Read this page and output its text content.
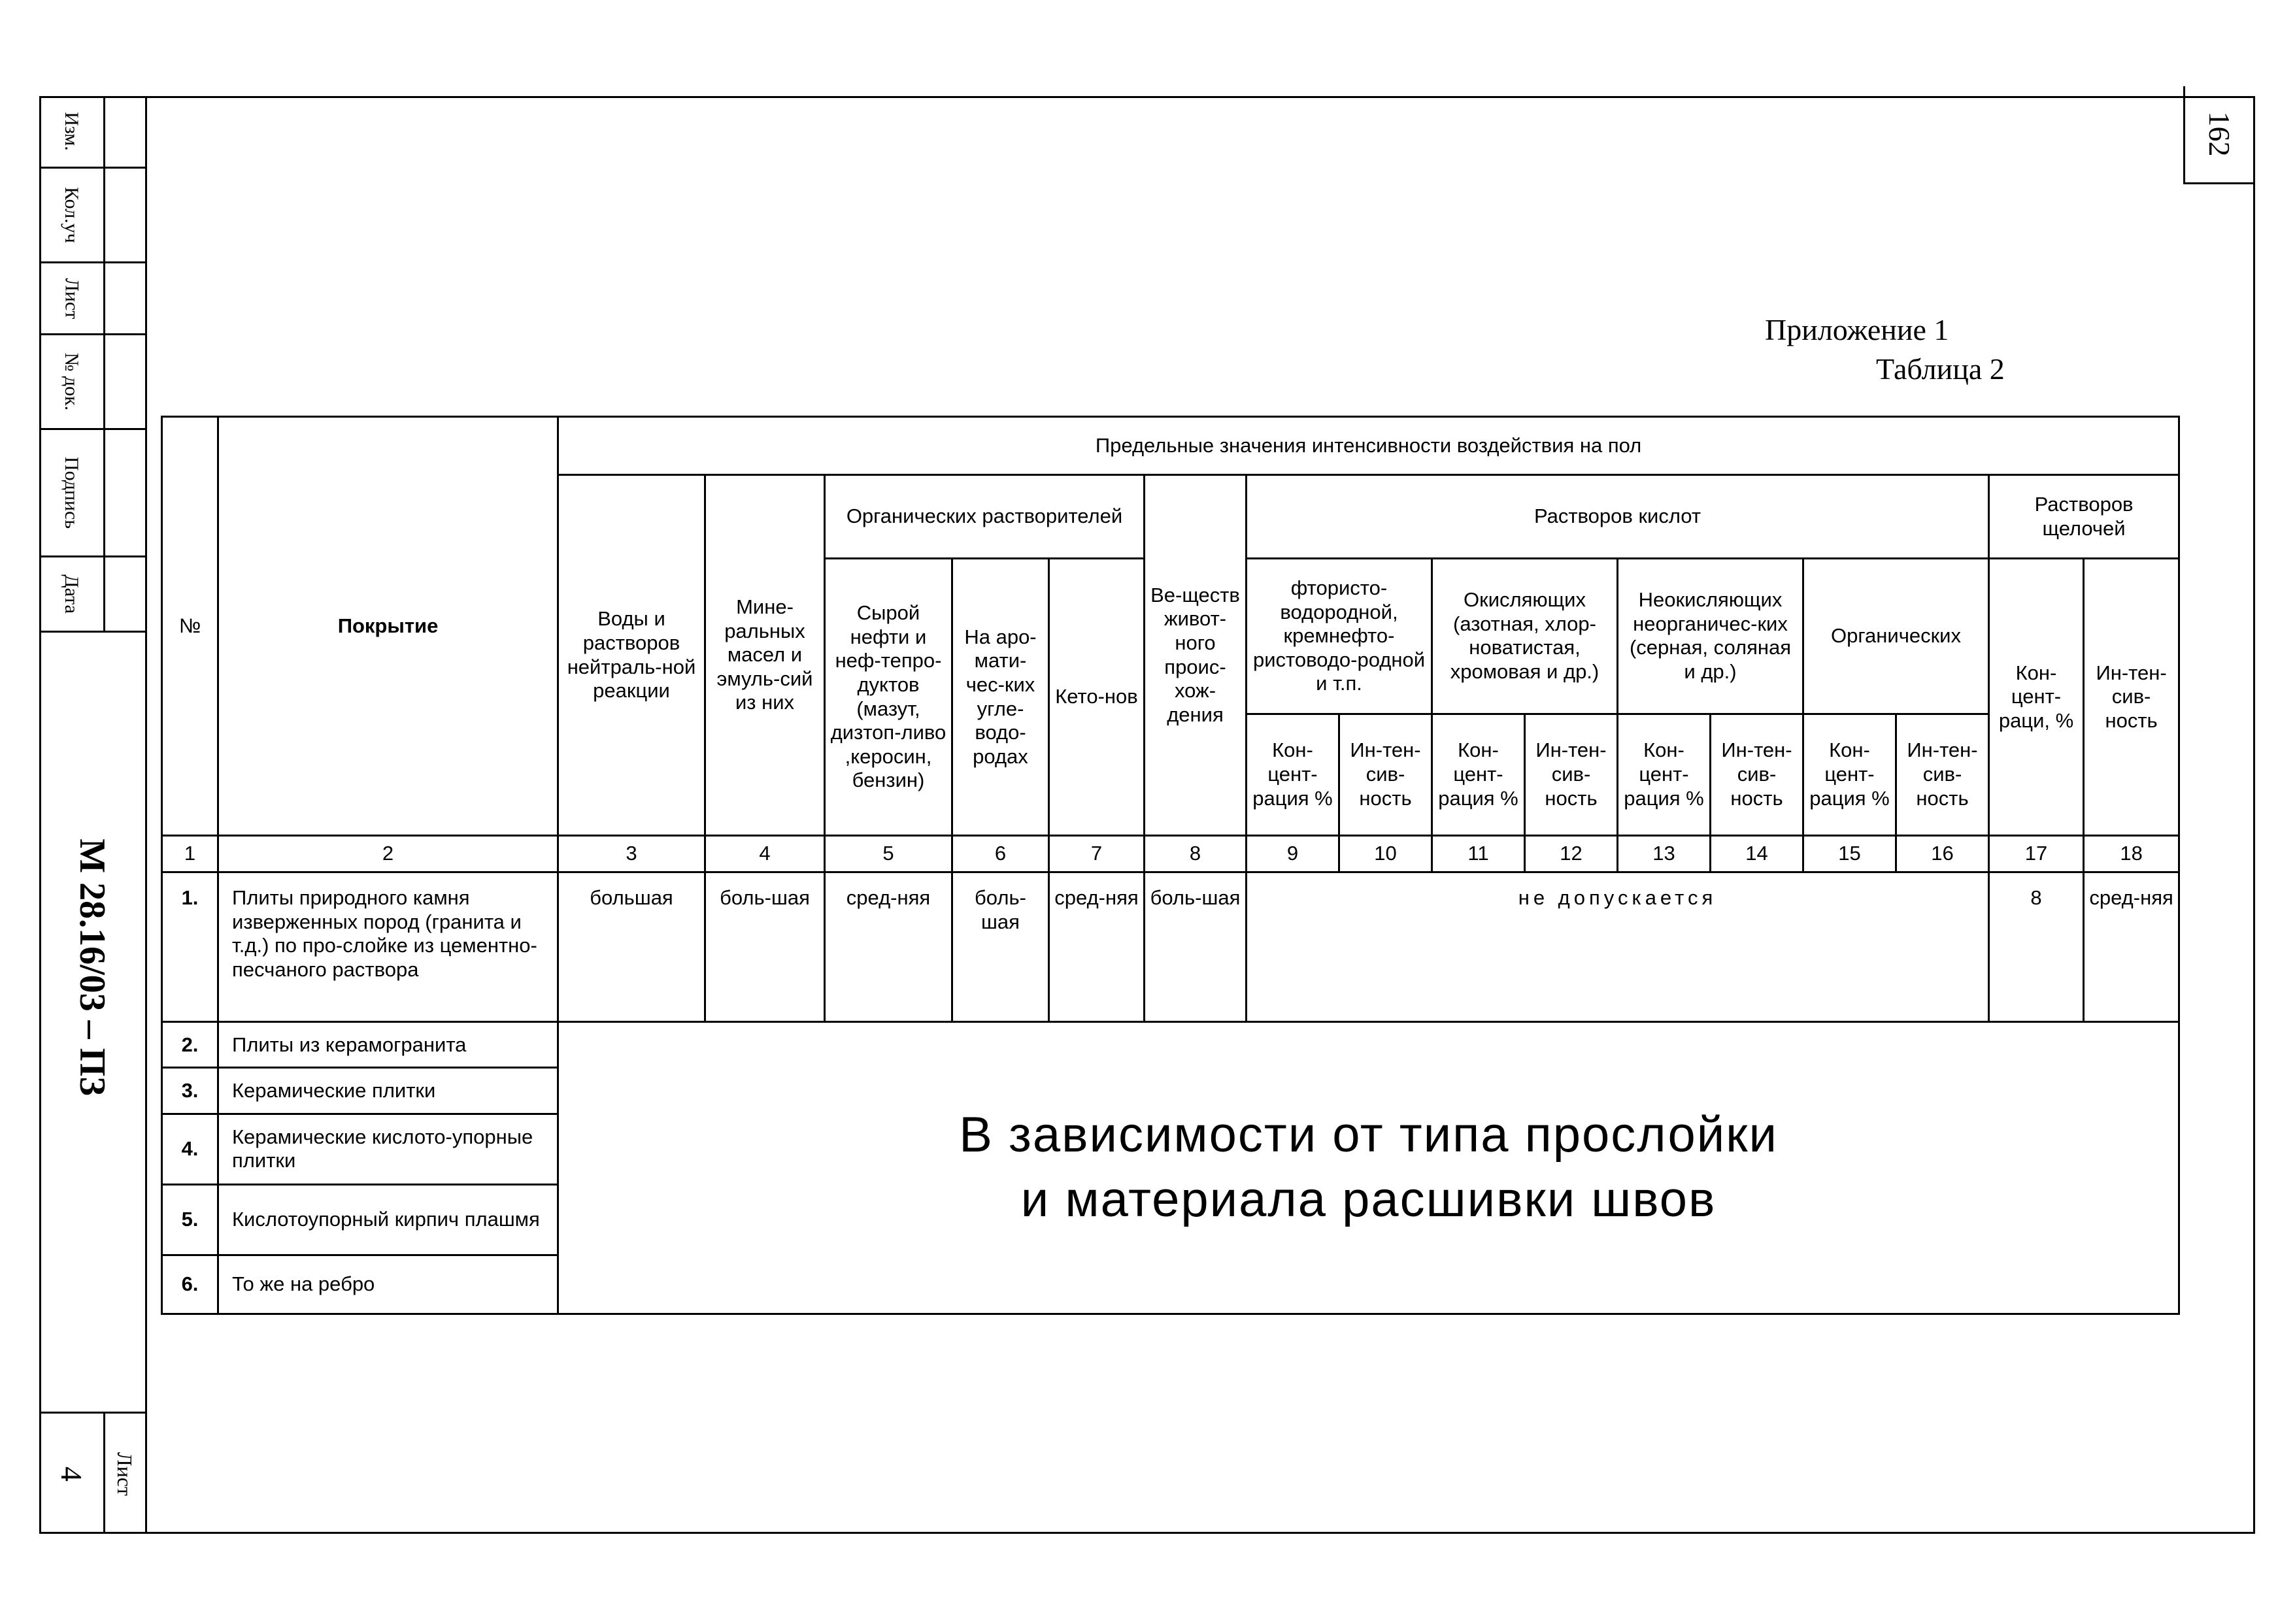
162
Изм.
Кол.уч
Лист
№ док.
Подпись
Дата
М 28.16/03 – ПЗ
Лист
4
Приложение 1
Таблица 2
№	Покрытие	Предельные значения интенсивности воздействия на пол															
		Воды и растворов нейтраль-ной реакции	Мине-ральных масел и эмуль-сий из них	Органических растворителей			Ве-ществ живот-ного проис-хож-дения	Растворов кислот								Растворов щелочей	
				Сырой нефти и неф-тепро-дуктов (мазут, дизтоп-ливо ,керосин, бензин)	На аро-мати-чес-ких угле-водо-родах	Кето-нов		фтористо-водородной, кремнефто-ристоводо-родной и т.п.		Окисляющих (азотная, хлор-новатистая, хромовая и др.)		Неокисляющих неорганичес-ких (серная, соляная и др.)		Органических		Кон-цент-раци, %	Ин-тен-сив-ность
								Кон-цент-рация %	Ин-тен-сив-ность	Кон-цент-рация %	Ин-тен-сив-ность	Кон-цент-рация %	Ин-тен-сив-ность	Кон-цент-рация %	Ин-тен-сив-ность		
1	2	3	4	5	6	7	8	9	10	11	12	13	14	15	16	17	18
1.	Плиты природного камня изверженных пород (гранита и т.д.) по про-слойке из цементно-песчаного раствора	большая	боль-шая	сред-няя	боль-шая	сред-няя	боль-шая	не допускается								8	сред-няя
2.	Плиты из керамогранита	В зависимости от типа прослойки
и материала расшивки швов															

3.	Керамические плитки																
4.	Керамические кислото-упорные плитки																
5.	Кислотоупорный кирпич плашмя																
6.	То же на ребро																
